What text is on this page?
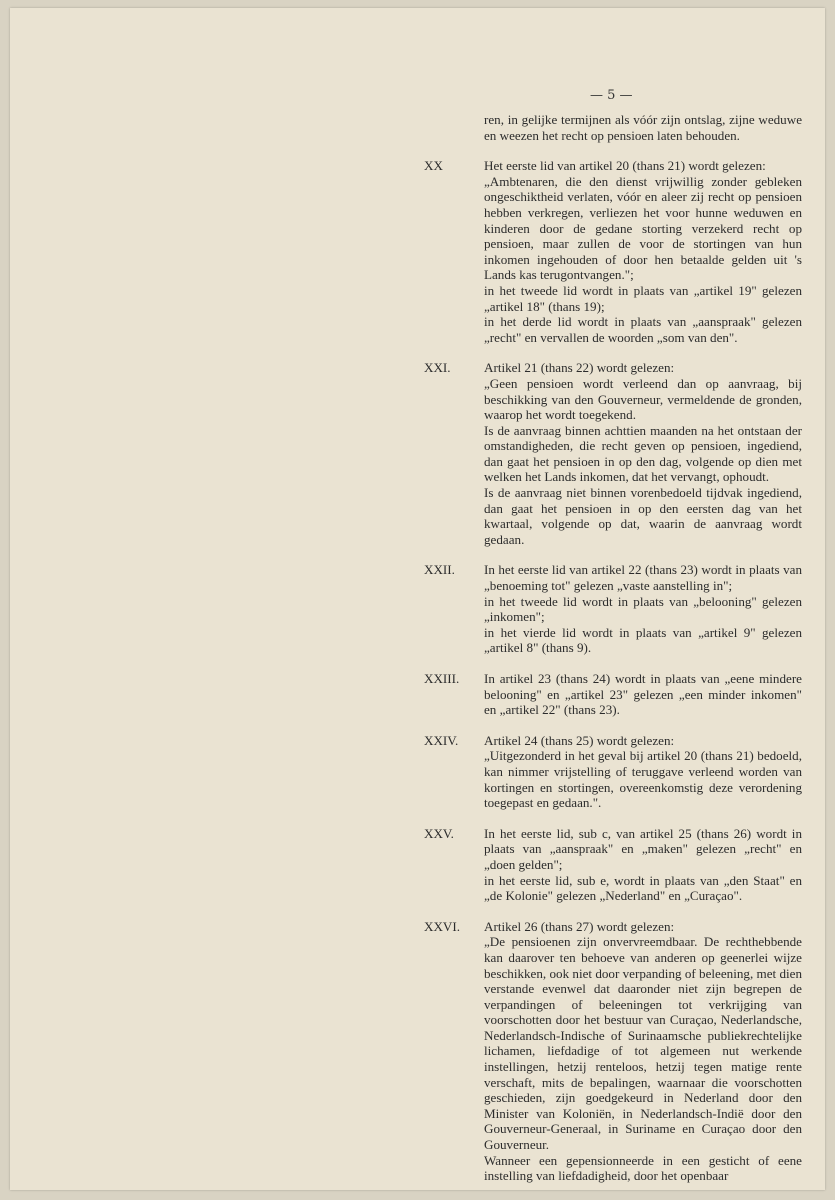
— 5 —

ren, in gelijke termijnen als vóór zijn ontslag, zijne weduwe en weezen het recht op pensioen laten behouden.

XX	Het eerste lid van artikel 20 (thans 21) wordt gelezen:
„Ambtenaren, die den dienst vrijwillig zonder gebleken ongeschiktheid verlaten, vóór en aleer zij recht op pensioen hebben verkregen, verliezen het voor hunne weduwen en kinderen door de gedane storting verzekerd recht op pensioen, maar zullen de voor de stortingen van hun inkomen ingehouden of door hen betaalde gelden uit 's Lands kas terugontvangen.";
in het tweede lid wordt in plaats van „artikel 19" gelezen „artikel 18" (thans 19);
in het derde lid wordt in plaats van „aanspraak" gelezen „recht" en vervallen de woorden „som van den".
XXI.	Artikel 21 (thans 22) wordt gelezen:
„Geen pensioen wordt verleend dan op aanvraag, bij beschikking van den Gouverneur, vermeldende de gronden, waarop het wordt toegekend.
Is de aanvraag binnen achttien maanden na het ontstaan der omstandigheden, die recht geven op pensioen, ingediend, dan gaat het pensioen in op den dag, volgende op dien met welken het Lands inkomen, dat het vervangt, ophoudt.
Is de aanvraag niet binnen vorenbedoeld tijdvak ingediend, dan gaat het pensioen in op den eersten dag van het kwartaal, volgende op dat, waarin de aanvraag wordt gedaan.
XXII. In het eerste lid van artikel 22 (thans 23) wordt in plaats van „benoeming tot" gelezen „vaste aanstelling in";
in het tweede lid wordt in plaats van „belooning" gelezen „inkomen";
in het vierde lid wordt in plaats van „artikel 9" gelezen „artikel 8" (thans 9).
XXIII. In artikel 23 (thans 24) wordt in plaats van „eene mindere belooning" en „artikel 23" gelezen „een minder inkomen" en „artikel 22" (thans 23).
XXIV. Artikel 24 (thans 25) wordt gelezen:
„Uitgezonderd in het geval bij artikel 20 (thans 21) bedoeld, kan nimmer vrijstelling of teruggave verleend worden van kortingen en stortingen, overeenkomstig deze verordening toegepast en gedaan.".
XXV. In het eerste lid, sub c, van artikel 25 (thans 26) wordt in plaats van „aanspraak" en „maken" gelezen „recht" en „doen gelden";
in het eerste lid, sub e, wordt in plaats van „den Staat" en „de Kolonie" gelezen „Nederland" en „Curaçao".
XXVI. Artikel 26 (thans 27) wordt gelezen:
„De pensioenen zijn onvervreemdbaar. De rechthebbende kan daarover ten behoeve van anderen op geenerlei wijze beschikken, ook niet door verpanding of beleening, met dien verstande evenwel dat daaronder niet zijn begrepen de verpandingen of beleeningen tot verkrijging van voorschotten door het bestuur van Curaçao, Nederlandsche, Nederlandsch-Indische of Surinaamsche publiekrechtelijke lichamen, liefdadige of tot algemeen nut werkende instellingen, hetzij renteloos, hetzij tegen matige rente verschaft, mits de bepalingen, waarnaar die voorschotten geschieden, zijn goedgekeurd in Nederland door den Minister van Koloniën, in Nederlandsch-Indië door den Gouverneur-Generaal, in Suriname en Curaçao door den Gouverneur.
Wanneer een gepensionneerde in een gesticht of eene instelling van liefdadigheid, door het openbaar
